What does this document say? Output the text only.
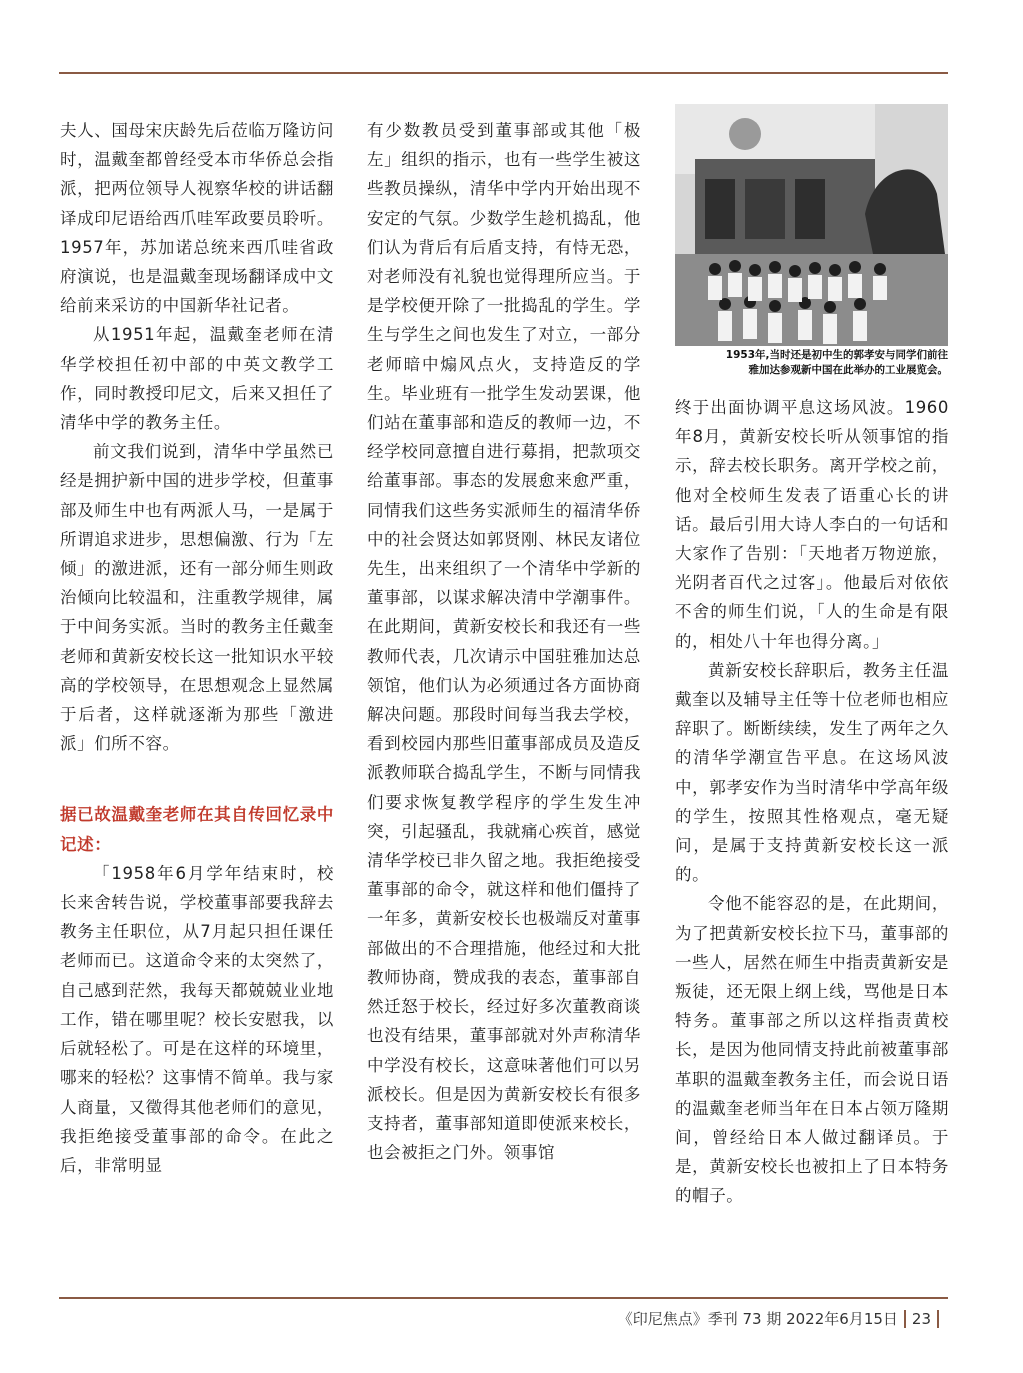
夫人、国母宋庆龄先后莅临万隆访问时，温戴奎都曾经受本市华侨总会指派，把两位领导人视察华校的讲话翻译成印尼语给西爪哇军政要员聆听。1957年，苏加诺总统来西爪哇省政府演说，也是温戴奎现场翻译成中文给前来采访的中国新华社记者。

从1951年起，温戴奎老师在清华学校担任初中部的中英文教学工作，同时教授印尼文，后来又担任了清华中学的教务主任。

前文我们说到，清华中学虽然已经是拥护新中国的进步学校，但董事部及师生中也有两派人马，一是属于所谓追求进步，思想偏激、行为「左倾」的激进派，还有一部分师生则政治倾向比较温和，注重教学规律，属于中间务实派。当时的教务主任戴奎老师和黄新安校长这一批知识水平较高的学校领导，在思想观念上显然属于后者，这样就逐渐为那些「激进派」们所不容。

据已故温戴奎老师在其自传回忆录中记述：

「1958年6月学年结束时，校长来舍转告说，学校董事部要我辞去教务主任职位，从7月起只担任课任老师而已。这道命令来的太突然了，自己感到茫然，我每天都兢兢业业地工作，错在哪里呢？校长安慰我，以后就轻松了。可是在这样的环境里，哪来的轻松？这事情不简单。我与家人商量，又徵得其他老师们的意见，我拒绝接受董事部的命令。在此之后，非常明显

有少数教员受到董事部或其他「极左」组织的指示，也有一些学生被这些教员操纵，清华中学内开始出现不安定的气氛。少数学生趁机捣乱，他们认为背后有后盾支持，有恃无恐，对老师没有礼貌也觉得理所应当。于是学校便开除了一批捣乱的学生。学生与学生之间也发生了对立，一部分老师暗中煽风点火，支持造反的学生。毕业班有一批学生发动罢课，他们站在董事部和造反的教师一边，不经学校同意擅自进行募捐，把款项交给董事部。事态的发展愈来愈严重，同情我们这些务实派师生的福清华侨中的社会贤达如郭贤刚、林民友诸位先生，出来组织了一个清华中学新的董事部，以谋求解决清中学潮事件。在此期间，黄新安校长和我还有一些教师代表，几次请示中国驻雅加达总领馆，他们认为必须通过各方面协商解决问题。那段时间每当我去学校，看到校园内那些旧董事部成员及造反派教师联合捣乱学生，不断与同情我们要求恢复教学程序的学生发生冲突，引起骚乱，我就痛心疾首，感觉清华学校已非久留之地。我拒绝接受董事部的命令，就这样和他们僵持了一年多，黄新安校长也极端反对董事部做出的不合理措施，他经过和大批教师协商，赞成我的表态，董事部自然迁怒于校长，经过好多次董教商谈也没有结果，董事部就对外声称清华中学没有校长，这意味著他们可以另派校长。但是因为黄新安校长有很多支持者，董事部知道即使派来校长，也会被拒之门外。领事馆

1953年,当时还是初中生的郭孝安与同学们前往
雅加达参观新中国在此举办的工业展览会。

终于出面协调平息这场风波。1960年8月，黄新安校长听从领事馆的指示，辞去校长职务。离开学校之前，他对全校师生发表了语重心长的讲话。最后引用大诗人李白的一句话和大家作了告别：「天地者万物逆旅，光阴者百代之过客」。他最后对依依不舍的师生们说，「人的生命是有限的，相处八十年也得分离。」

黄新安校长辞职后，教务主任温戴奎以及辅导主任等十位老师也相应辞职了。断断续续，发生了两年之久的清华学潮宣告平息。在这场风波中，郭孝安作为当时清华中学高年级的学生，按照其性格观点，毫无疑问，是属于支持黄新安校长这一派的。

令他不能容忍的是，在此期间，为了把黄新安校长拉下马，董事部的一些人，居然在师生中指责黄新安是叛徒，还无限上纲上线，骂他是日本特务。董事部之所以这样指责黄校长，是因为他同情支持此前被董事部革职的温戴奎教务主任，而会说日语的温戴奎老师当年在日本占领万隆期间，曾经给日本人做过翻译员。于是，黄新安校长也被扣上了日本特务的帽子。

《印尼焦点》季刊 73 期 2022年6月15日 23
